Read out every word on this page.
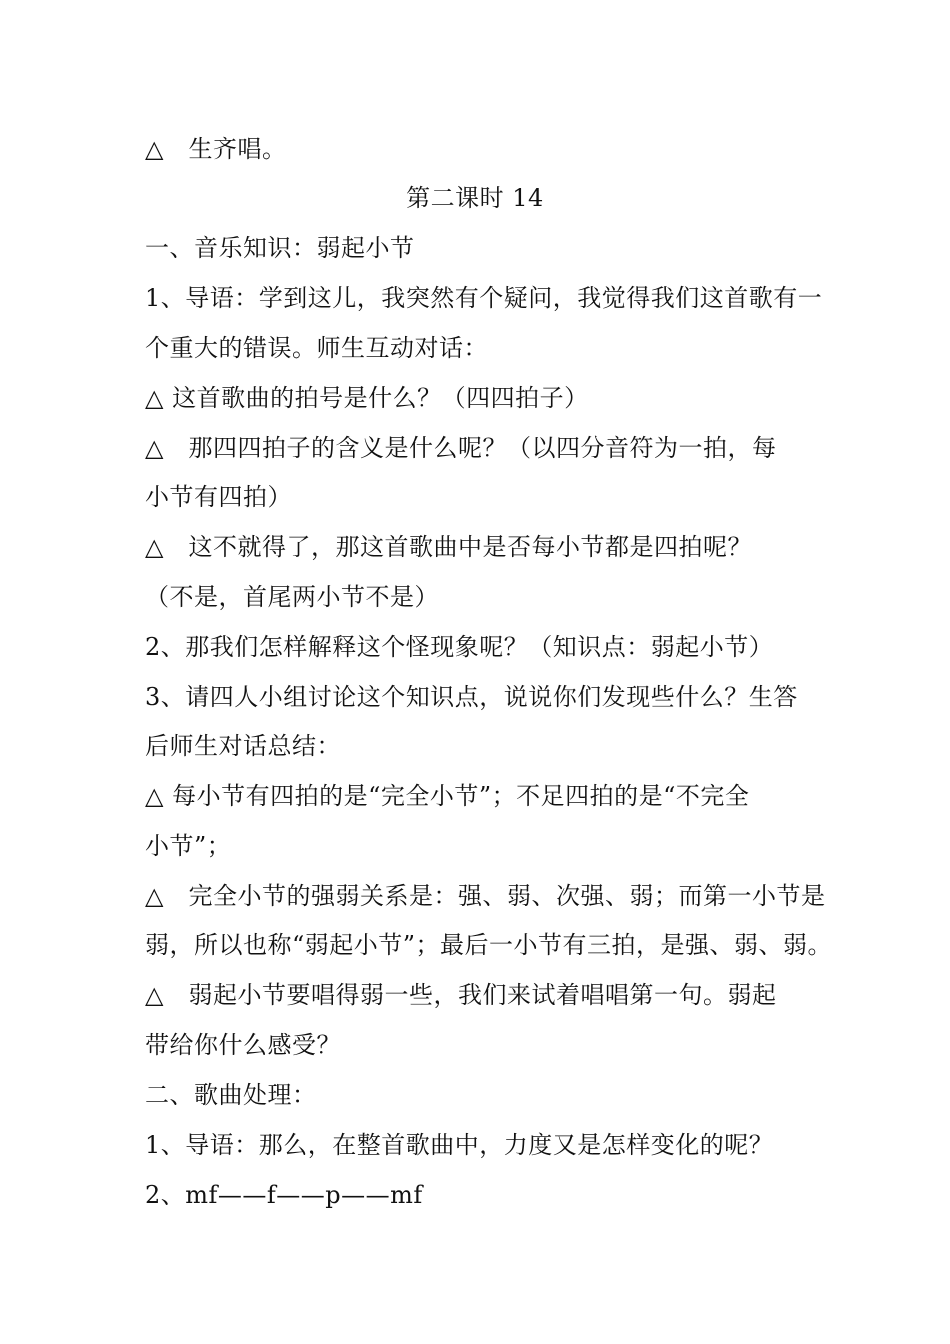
△　生齐唱。
第二课时 14
一、音乐知识：弱起小节
1、导语：学到这儿，我突然有个疑问，我觉得我们这首歌有一
个重大的错误。师生互动对话：
△ 这首歌曲的拍号是什么？（四四拍子）
△　那四四拍子的含义是什么呢？（以四分音符为一拍，每
小节有四拍）
△　这不就得了，那这首歌曲中是否每小节都是四拍呢？
（不是，首尾两小节不是）
2、那我们怎样解释这个怪现象呢？（知识点：弱起小节）
3、请四人小组讨论这个知识点，说说你们发现些什么？生答
后师生对话总结：
△ 每小节有四拍的是“完全小节”；不足四拍的是“不完全
小节”；
△　完全小节的强弱关系是：强、弱、次强、弱；而第一小节是
弱，所以也称“弱起小节”；最后一小节有三拍，是强、弱、弱。
△　弱起小节要唱得弱一些，我们来试着唱唱第一句。弱起
带给你什么感受？
二、歌曲处理：
1、导语：那么，在整首歌曲中，力度又是怎样变化的呢？
2、mf——f——p——mf
